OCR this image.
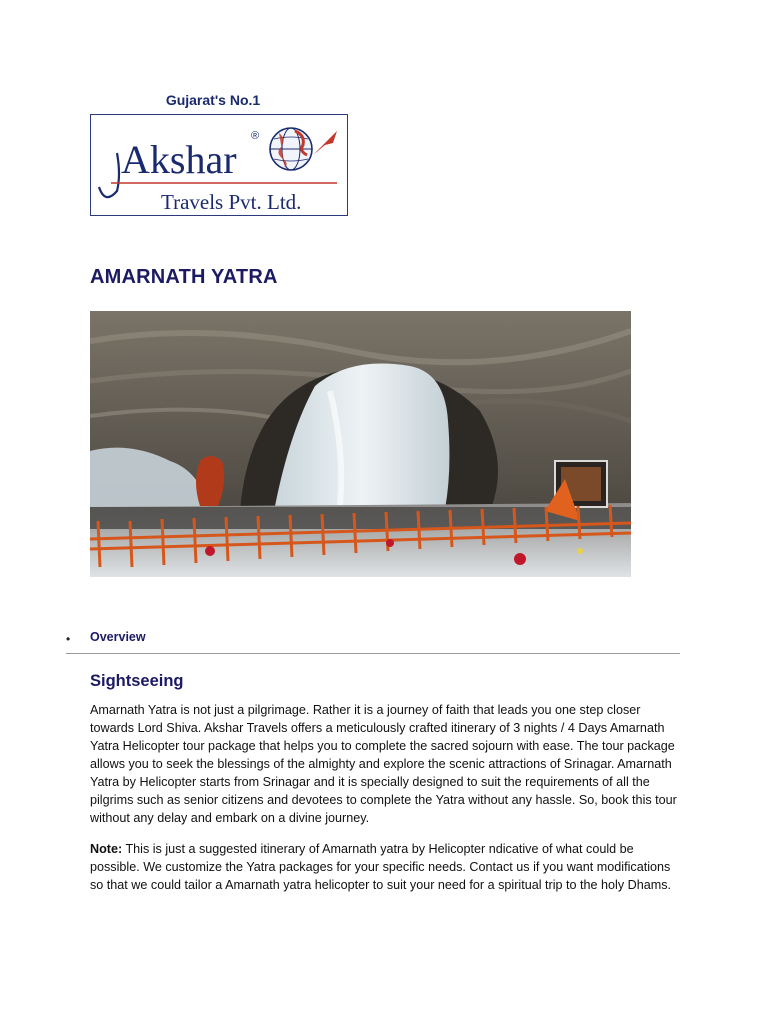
Gujarat's No.1
Akshar
®
Travels Pvt. Ltd.
AMARNATH YATRA
• Overview
Sightseeing
Amarnath Yatra is not just a pilgrimage. Rather it is a journey of faith that leads you one step closer towards Lord Shiva. Akshar Travels offers a meticulously crafted itinerary of 3 nights / 4 Days Amarnath Yatra Helicopter tour package that helps you to complete the sacred sojourn with ease. The tour package allows you to seek the blessings of the almighty and explore the scenic attractions of Srinagar. Amarnath Yatra by Helicopter starts from Srinagar and it is specially designed to suit the requirements of all the pilgrims such as senior citizens and devotees to complete the Yatra without any hassle. So, book this tour without any delay and embark on a divine journey.
Note: This is just a suggested itinerary of Amarnath yatra by Helicopter ndicative of what could be possible. We customize the Yatra packages for your specific needs. Contact us if you want modifications so that we could tailor a Amarnath yatra helicopter to suit your need for a spiritual trip to the holy Dhams.
